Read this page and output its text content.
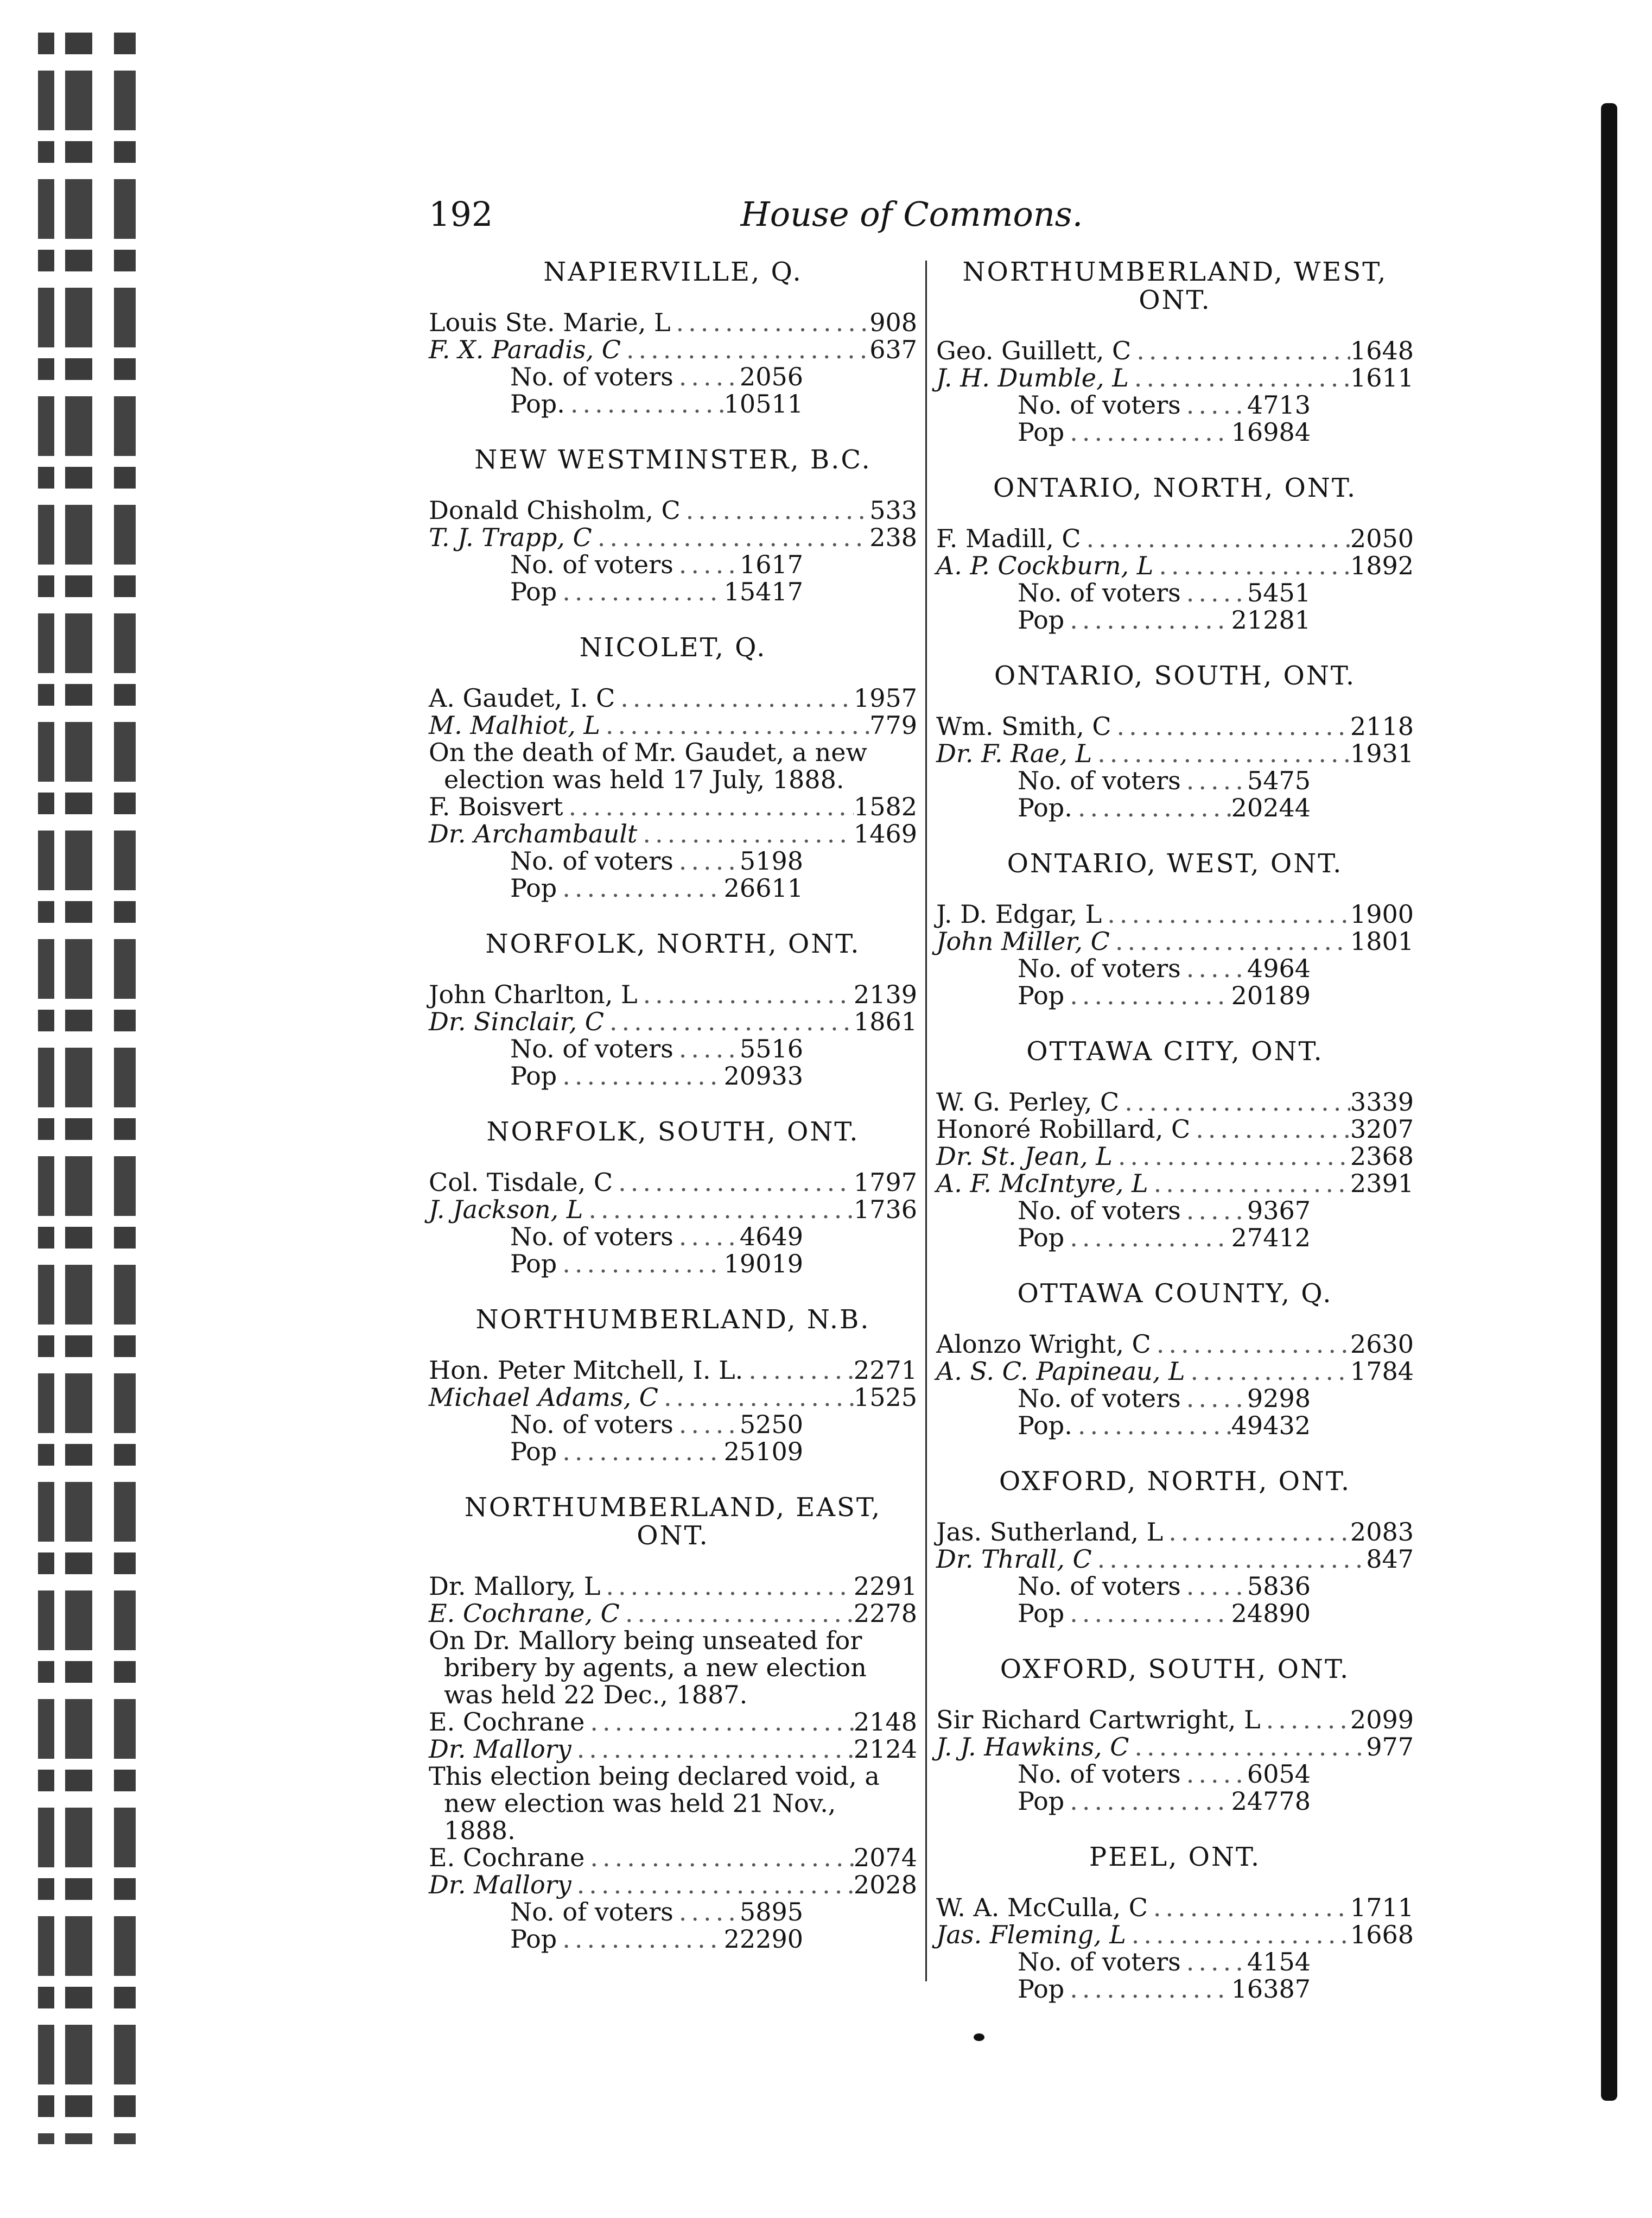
192	House of Commons.
NAPIERVILLE, Q.
Louis Ste. Marie, L .....	908
F. X. Paradis, C .....	637
No. of voters .....	2056
Pop. .....	10511
NEW WESTMINSTER, B.C.
Donald Chisholm, C .....	533
T. J. Trapp, C .....	238
No. of voters .....	1617
Pop .....	15417
NICOLET, Q.
A. Gaudet, I. C .....	1957
M. Malhiot, L .....	779
On the death of Mr. Gaudet, a new election was held 17 July, 1888.
F. Boisvert .....	1582
Dr. Archambault .....	1469
No. of voters .....	5198
Pop .....	26611
NORFOLK, NORTH, ONT.
John Charlton, L .....	2139
Dr. Sinclair, C .....	1861
No. of voters .....	5516
Pop .....	20933
NORFOLK, SOUTH, ONT.
Col. Tisdale, C .....	1797
J. Jackson, L .....	1736
No. of voters .....	4649
Pop .....	19019
NORTHUMBERLAND, N.B.
Hon. Peter Mitchell, I. L. .....	2271
Michael Adams, C .....	1525
No. of voters .....	5250
Pop .....	25109
NORTHUMBERLAND, EAST, ONT.
Dr. Mallory, L .....	2291
E. Cochrane, C .....	2278
On Dr. Mallory being unseated for bribery by agents, a new election was held 22 Dec., 1887.
E. Cochrane .....	2148
Dr. Mallory .....	2124
This election being declared void, a new election was held 21 Nov., 1888.
E. Cochrane .....	2074
Dr. Mallory .....	2028
No. of voters .....	5895
Pop .....	22290
NORTHUMBERLAND, WEST, ONT.
Geo. Guillett, C .....	1648
J. H. Dumble, L .....	1611
No. of voters .....	4713
Pop .....	16984
ONTARIO, NORTH, ONT.
F. Madill, C .....	2050
A. P. Cockburn, L .....	1892
No. of voters .....	5451
Pop .....	21281
ONTARIO, SOUTH, ONT.
Wm. Smith, C .....	2118
Dr. F. Rae, L .....	1931
No. of voters .....	5475
Pop. .....	20244
ONTARIO, WEST, ONT.
J. D. Edgar, L .....	1900
John Miller, C .....	1801
No. of voters .....	4964
Pop .....	20189
OTTAWA CITY, ONT.
W. G. Perley, C .....	3339
Honoré Robillard, C .....	3207
Dr. St. Jean, L .....	2368
A. F. McIntyre, L .....	2391
No. of voters .....	9367
Pop .....	27412
OTTAWA COUNTY, Q.
Alonzo Wright, C .....	2630
A. S. C. Papineau, L .....	1784
No. of voters .....	9298
Pop. .....	49432
OXFORD, NORTH, ONT.
Jas. Sutherland, L .....	2083
Dr. Thrall, C .....	847
No. of voters .....	5836
Pop .....	24890
OXFORD, SOUTH, ONT.
Sir Richard Cartwright, L .....	2099
J. J. Hawkins, C .....	977
No. of voters .....	6054
Pop .....	24778
PEEL, ONT.
W. A. McCulla, C .....	1711
Jas. Fleming, L .....	1668
No. of voters .....	4154
Pop .....	16387
